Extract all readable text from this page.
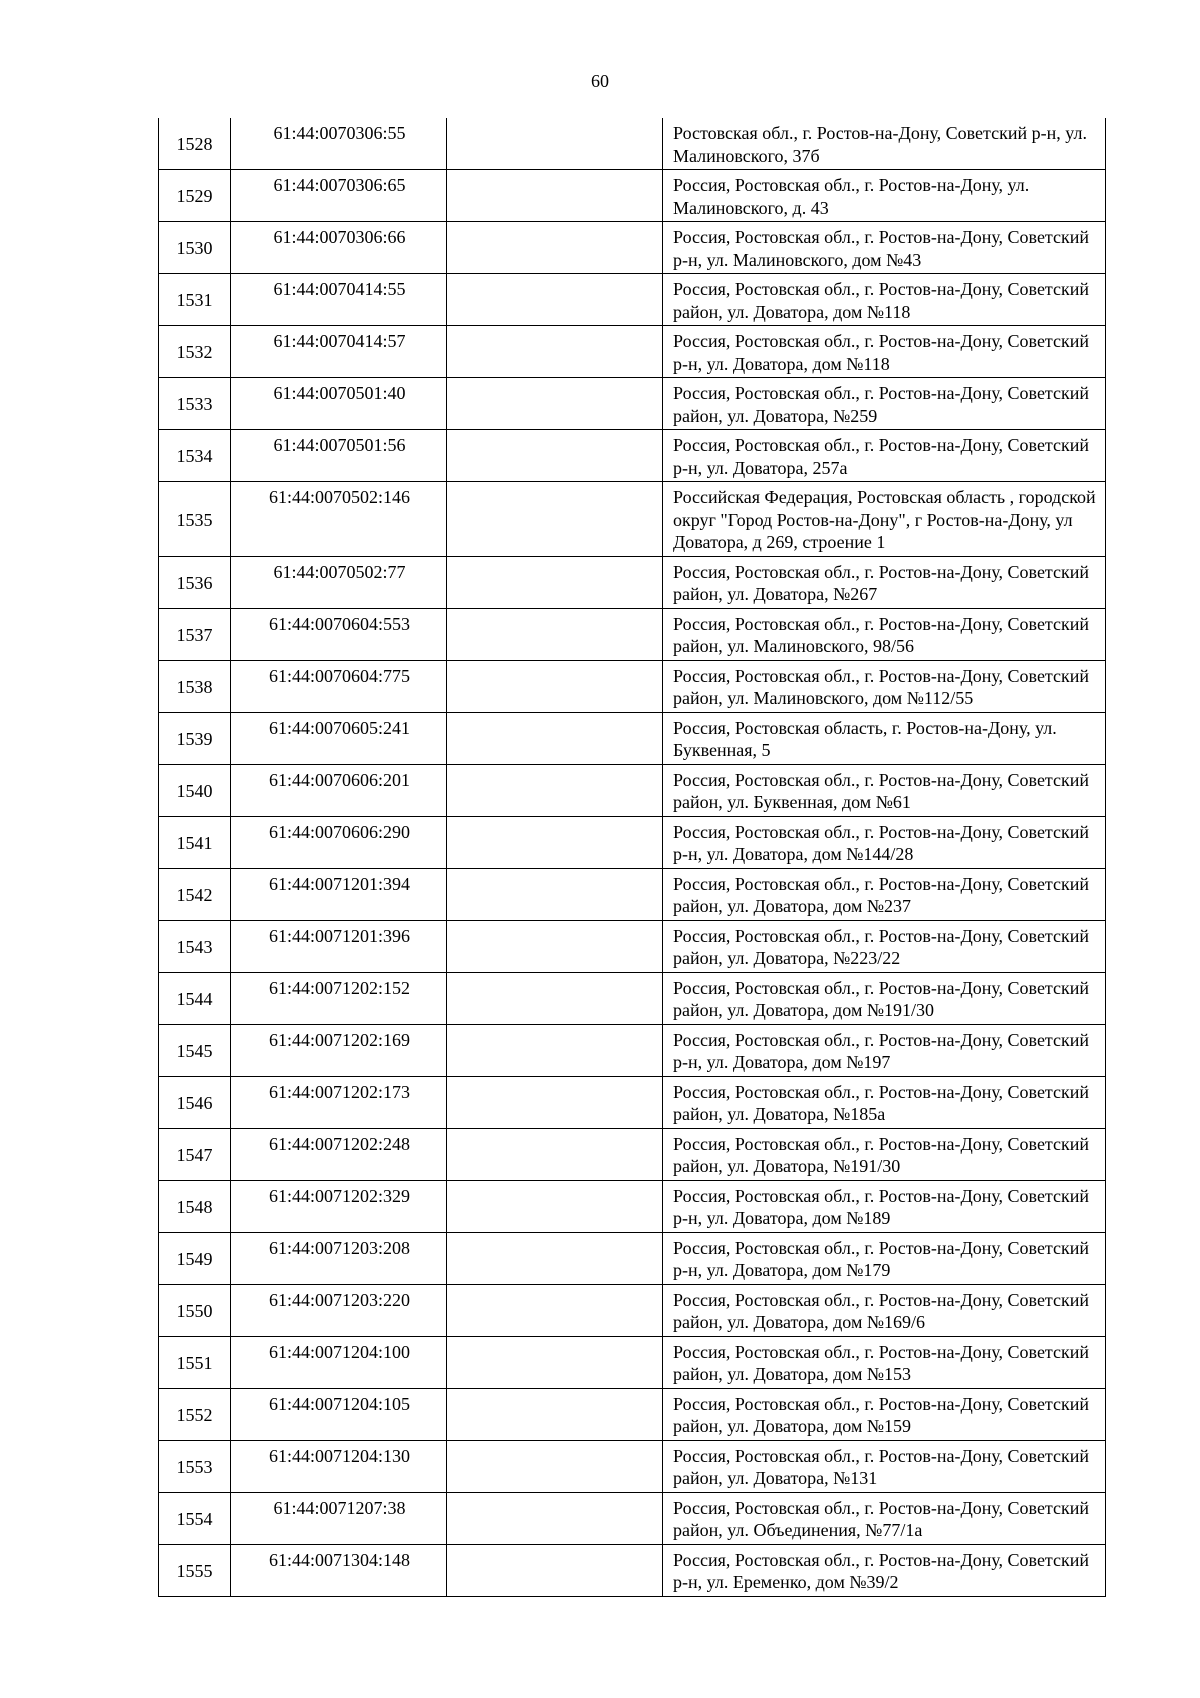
60
1528	61:44:0070306:55		Ростовская обл., г. Ростов-на-Дону, Советский р-н, ул. Малиновского, 37б
1529	61:44:0070306:65		Россия, Ростовская обл., г. Ростов-на-Дону, ул. Малиновского, д. 43
1530	61:44:0070306:66		Россия, Ростовская обл., г. Ростов-на-Дону, Советский р-н, ул. Малиновского, дом №43
1531	61:44:0070414:55		Россия, Ростовская обл., г. Ростов-на-Дону, Советский район, ул. Доватора, дом №118
1532	61:44:0070414:57		Россия, Ростовская обл., г. Ростов-на-Дону, Советский р-н, ул. Доватора, дом №118
1533	61:44:0070501:40		Россия, Ростовская обл., г. Ростов-на-Дону, Советский район, ул. Доватора, №259
1534	61:44:0070501:56		Россия, Ростовская обл., г. Ростов-на-Дону, Советский р-н, ул. Доватора, 257а
1535	61:44:0070502:146		Российская Федерация, Ростовская область , городской округ "Город Ростов-на-Дону", г Ростов-на-Дону, ул Доватора, д 269, строение 1
1536	61:44:0070502:77		Россия, Ростовская обл., г. Ростов-на-Дону, Советский район, ул. Доватора, №267
1537	61:44:0070604:553		Россия, Ростовская обл., г. Ростов-на-Дону, Советский район, ул. Малиновского, 98/56
1538	61:44:0070604:775		Россия, Ростовская обл., г. Ростов-на-Дону, Советский район, ул. Малиновского, дом №112/55
1539	61:44:0070605:241		Россия, Ростовская область, г. Ростов-на-Дону, ул. Буквенная, 5
1540	61:44:0070606:201		Россия, Ростовская обл., г. Ростов-на-Дону, Советский район, ул. Буквенная, дом №61
1541	61:44:0070606:290		Россия, Ростовская обл., г. Ростов-на-Дону, Советский р-н, ул. Доватора, дом №144/28
1542	61:44:0071201:394		Россия, Ростовская обл., г. Ростов-на-Дону, Советский район, ул. Доватора, дом №237
1543	61:44:0071201:396		Россия, Ростовская обл., г. Ростов-на-Дону, Советский район, ул. Доватора, №223/22
1544	61:44:0071202:152		Россия, Ростовская обл., г. Ростов-на-Дону, Советский район, ул. Доватора, дом №191/30
1545	61:44:0071202:169		Россия, Ростовская обл., г. Ростов-на-Дону, Советский р-н, ул. Доватора, дом №197
1546	61:44:0071202:173		Россия, Ростовская обл., г. Ростов-на-Дону, Советский район, ул. Доватора, №185а
1547	61:44:0071202:248		Россия, Ростовская обл., г. Ростов-на-Дону, Советский район, ул. Доватора, №191/30
1548	61:44:0071202:329		Россия, Ростовская обл., г. Ростов-на-Дону, Советский р-н, ул. Доватора, дом №189
1549	61:44:0071203:208		Россия, Ростовская обл., г. Ростов-на-Дону, Советский р-н, ул. Доватора, дом №179
1550	61:44:0071203:220		Россия, Ростовская обл., г. Ростов-на-Дону, Советский район, ул. Доватора, дом №169/6
1551	61:44:0071204:100		Россия, Ростовская обл., г. Ростов-на-Дону, Советский район, ул. Доватора, дом №153
1552	61:44:0071204:105		Россия, Ростовская обл., г. Ростов-на-Дону, Советский район, ул. Доватора, дом №159
1553	61:44:0071204:130		Россия, Ростовская обл., г. Ростов-на-Дону, Советский район, ул. Доватора, №131
1554	61:44:0071207:38		Россия, Ростовская обл., г. Ростов-на-Дону, Советский район, ул. Объединения, №77/1а
1555	61:44:0071304:148		Россия, Ростовская обл., г. Ростов-на-Дону, Советский р-н, ул. Еременко, дом №39/2
